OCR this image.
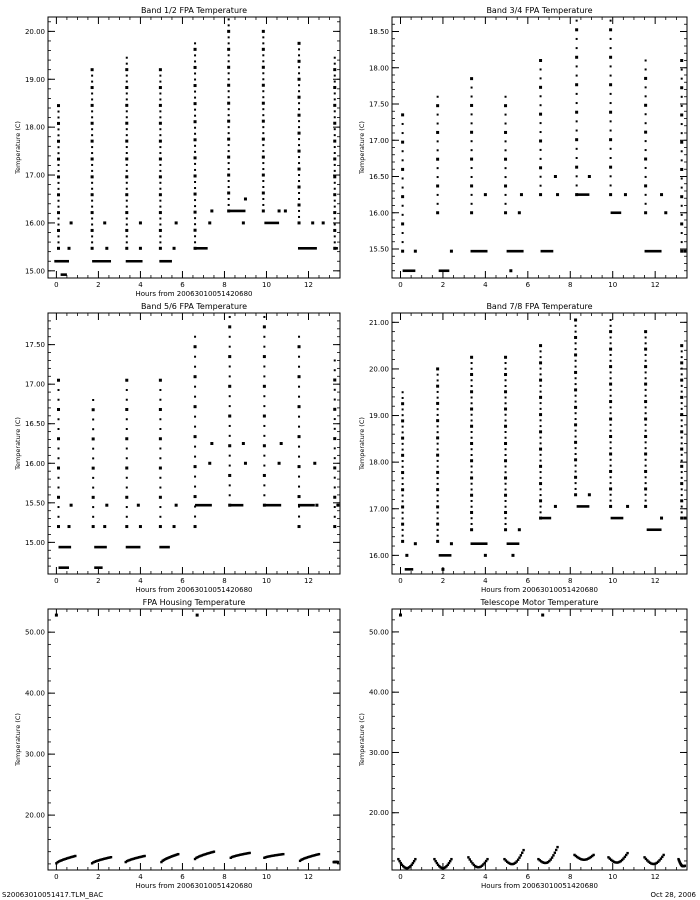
Band 1/2 FPA Temperature
Hours from 20063010051420680
Temperature (C)
0	2	4	6	8	10	12
15.00
16.00
17.00
18.00
19.00
20.00
Band 3/4 FPA Temperature
Temperature (C)
0	2	4	6	8	10	12
15.50
16.00
16.50
17.00
17.50
18.00
18.50
Band 5/6 FPA Temperature
Hours from 20063010051420680
Temperature (C)
0	2	4	6	8	10	12
15.00
15.50
16.00
16.50
17.00
17.50
Band 7/8 FPA Temperature
Hours from 20063010051420680
Temperature (C)
0	2	4	6	8	10	12
16.00
17.00
18.00
19.00
20.00
21.00
FPA Housing Temperature
Hours from 20063010051420680
Temperature (C)
0	2	4	6	8	10	12
20.00
30.00
40.00
50.00
Telescope Motor Temperature
Hours from 20063010051420680
Temperature (C)
0	2	4	6	8	10	12
20.00
30.00
40.00
50.00
S20063010051417.TLM_BAC	Oct 28, 2006
